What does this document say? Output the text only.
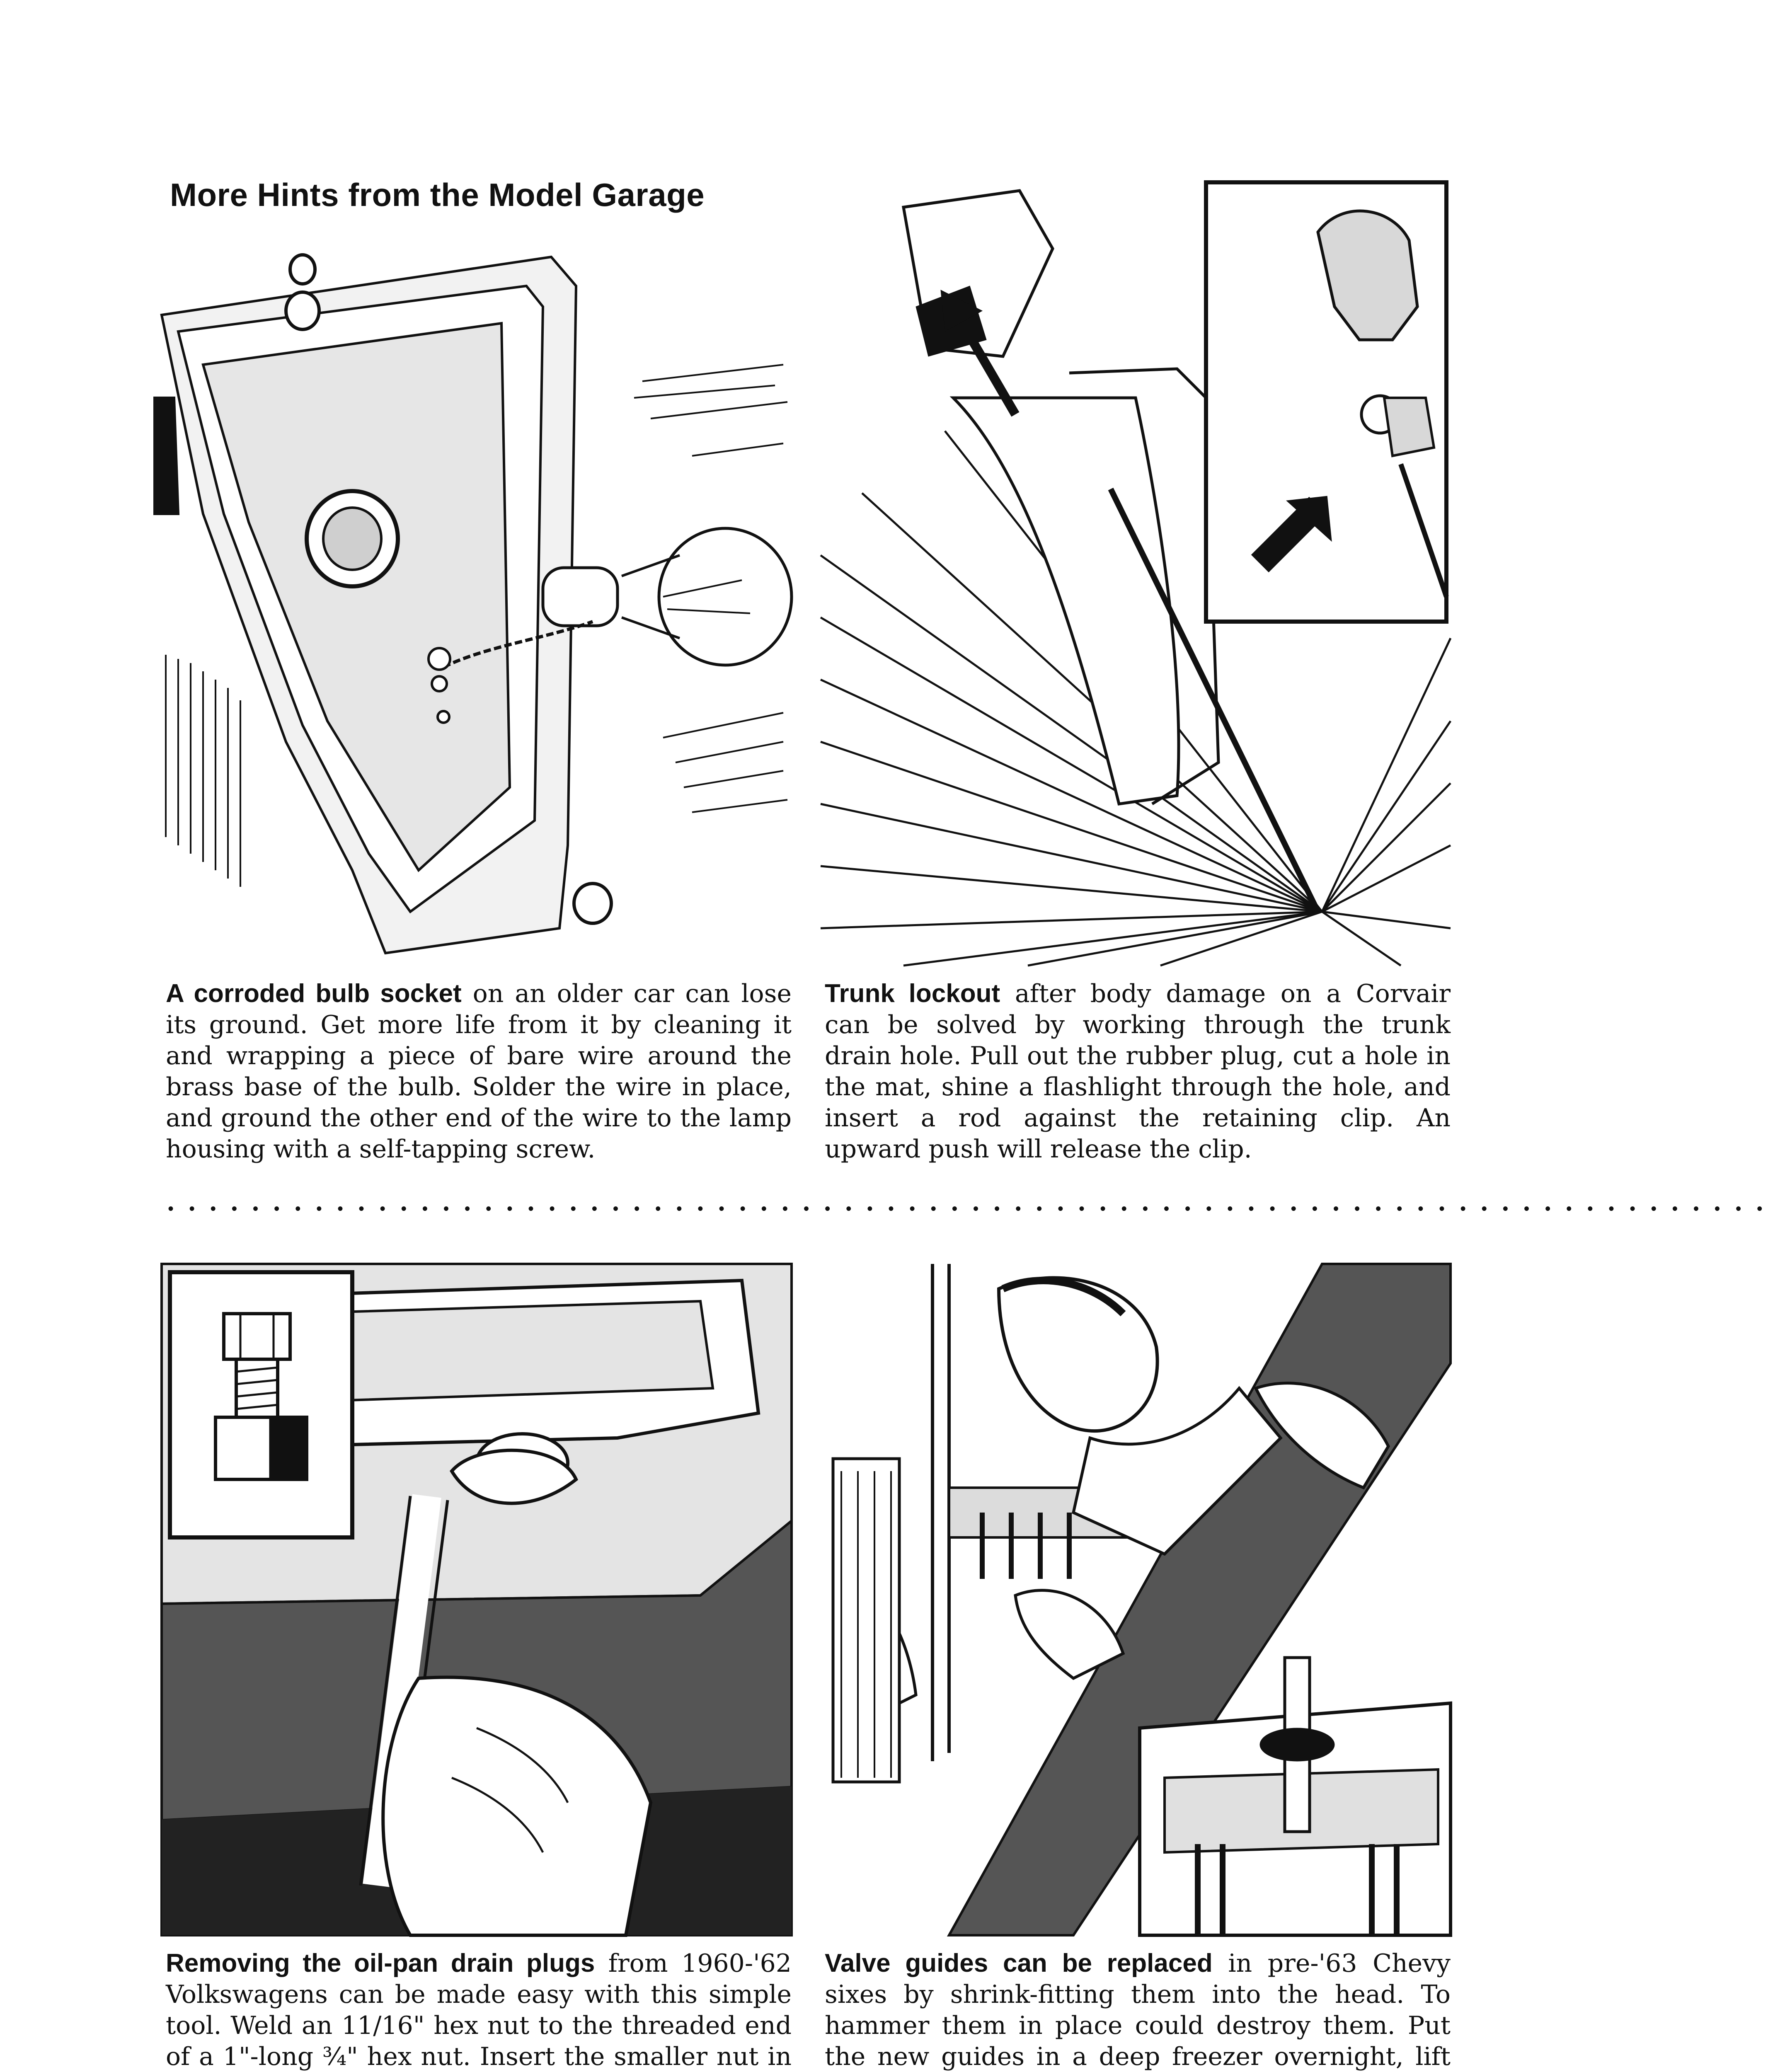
More Hints from the Model Garage
A corroded bulb socket on an older car can lose its ground. Get more life from it by cleaning it and wrapping a piece of bare wire around the brass base of the bulb. Solder the wire in place, and ground the other end of the wire to the lamp housing with a self-tapping screw.
Trunk lockout after body damage on a Corvair can be solved by working through the trunk drain hole. Pull out the rubber plug, cut a hole in the mat, shine a flashlight through the hole, and insert a rod against the retaining clip. An upward push will release the clip.
• • • • • • • • • • • • • • • • • • • • • • • • • • • • • • • • • • • • • • • • • • • • • • • • • • • • • • • • • • • • • • • • • • • • • • • • • • • •
Removing the oil-pan drain plugs from 1960-'62 Volkswagens can be made easy with this simple tool. Weld an 11/16" hex nut to the threaded end of a 1"-long ¾" hex nut. Insert the smaller nut in
Valve guides can be replaced in pre-'63 Chevy sixes by shrink-fitting them into the head. To hammer them in place could destroy them. Put the new guides in a deep freezer overnight, lift
